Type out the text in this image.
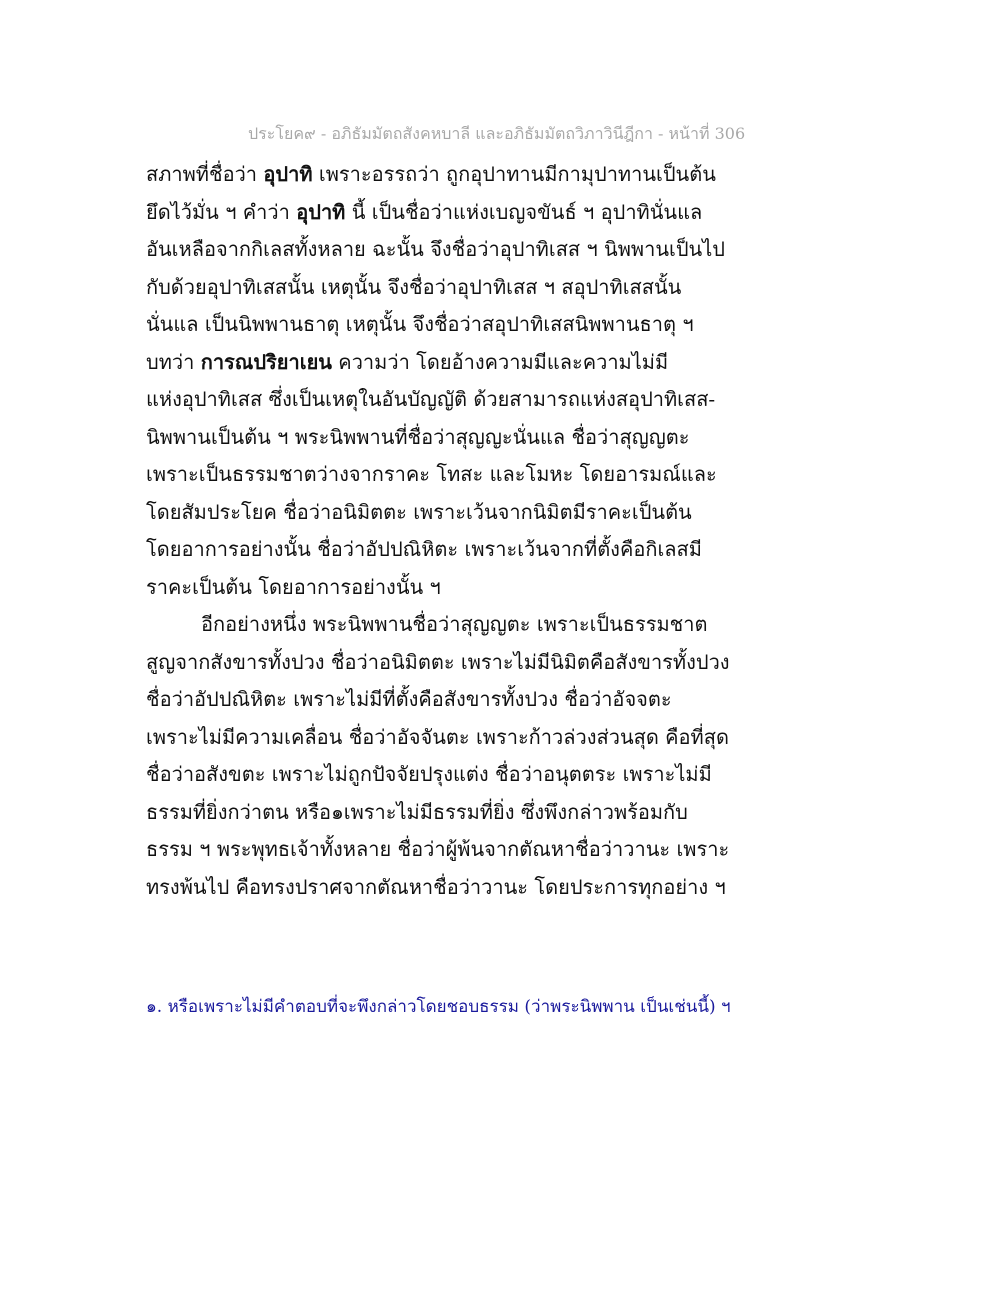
ประโยค๙ - อภิธัมมัตถสังคหบาลี และอภิธัมมัตถวิภาวินีฎีกา - หน้าที่ 306
สภาพที่ชื่อว่า อุปาทิ เพราะอรรถว่า ถูกอุปาทานมีกามุปาทานเป็นต้น
ยึดไว้มั่น ฯ คำว่า อุปาทิ นี้ เป็นชื่อว่าแห่งเบญจขันธ์ ฯ อุปาทินั่นแล
อันเหลือจากกิเลสทั้งหลาย ฉะนั้น จึงชื่อว่าอุปาทิเสส ฯ นิพพานเป็นไป
กับด้วยอุปาทิเสสนั้น เหตุนั้น จึงชื่อว่าอุปาทิเสส ฯ สอุปาทิเสสนั้น
นั่นแล เป็นนิพพานธาตุ เหตุนั้น จึงชื่อว่าสอุปาทิเสสนิพพานธาตุ ฯ
บทว่า การณปริยาเยน ความว่า โดยอ้างความมีและความไม่มี
แห่งอุปาทิเสส ซึ่งเป็นเหตุในอันบัญญัติ ด้วยสามารถแห่งสอุปาทิเสส-
นิพพานเป็นต้น ฯ พระนิพพานที่ชื่อว่าสุญญะนั่นแล ชื่อว่าสุญญตะ
เพราะเป็นธรรมชาตว่างจากราคะ โทสะ และโมหะ โดยอารมณ์และ
โดยสัมประโยค ชื่อว่าอนิมิตตะ เพราะเว้นจากนิมิตมีราคะเป็นต้น
โดยอาการอย่างนั้น ชื่อว่าอัปปณิหิตะ เพราะเว้นจากที่ตั้งคือกิเลสมี
ราคะเป็นต้น โดยอาการอย่างนั้น ฯ
อีกอย่างหนึ่ง พระนิพพานชื่อว่าสุญญตะ เพราะเป็นธรรมชาต
สูญจากสังขารทั้งปวง ชื่อว่าอนิมิตตะ เพราะไม่มีนิมิตคือสังขารทั้งปวง
ชื่อว่าอัปปณิหิตะ เพราะไม่มีที่ตั้งคือสังขารทั้งปวง ชื่อว่าอัจจตะ
เพราะไม่มีความเคลื่อน ชื่อว่าอัจจันตะ เพราะก้าวล่วงส่วนสุด คือที่สุด
ชื่อว่าอสังขตะ เพราะไม่ถูกปัจจัยปรุงแต่ง ชื่อว่าอนุตตระ เพราะไม่มี
ธรรมที่ยิ่งกว่าตน หรือ๑เพราะไม่มีธรรมที่ยิ่ง ซึ่งพึงกล่าวพร้อมกับ
ธรรม ฯ พระพุทธเจ้าทั้งหลาย ชื่อว่าผู้พ้นจากตัณหาชื่อว่าวานะ เพราะ
ทรงพ้นไป คือทรงปราศจากตัณหาชื่อว่าวานะ โดยประการทุกอย่าง ฯ
๑. หรือเพราะไม่มีคำตอบที่จะพึงกล่าวโดยชอบธรรม (ว่าพระนิพพาน เป็นเช่นนี้) ฯ
